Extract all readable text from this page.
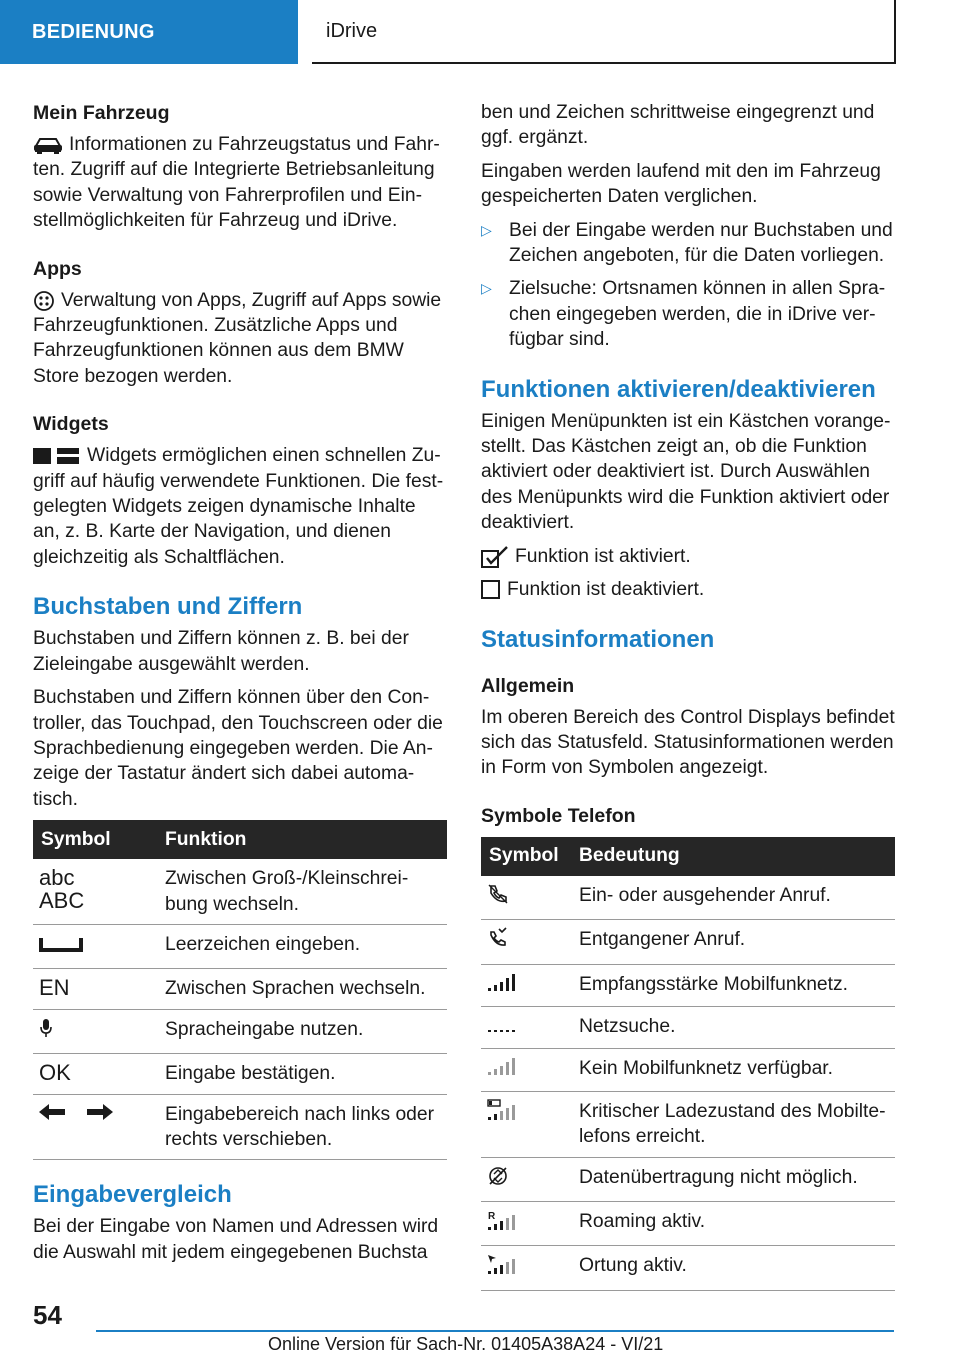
BEDIENUNG	iDrive
Mein Fahrzeug

Informationen zu Fahrzeugstatus und Fahrten. Zugriff auf die Integrierte Betriebsanleitung sowie Verwaltung von Fahrerprofilen und Einstellmöglichkeiten für Fahrzeug und iDrive.

Apps

Verwaltung von Apps, Zugriff auf Apps sowie Fahrzeugfunktionen. Zusätzliche Apps und Fahrzeugfunktionen können aus dem BMW Store bezogen werden.

Widgets

Widgets ermöglichen einen schnellen Zugriff auf häufig verwendete Funktionen. Die festgelegten Widgets zeigen dynamische Inhalte an, z. B. Karte der Navigation, und dienen gleichzeitig als Schaltflächen.

Buchstaben und Ziffern

Buchstaben und Ziffern können z. B. bei der Zieleingabe ausgewählt werden.

Buchstaben und Ziffern können über den Controller, das Touchpad, den Touchscreen oder die Sprachbedienung eingegeben werden. Die Anzeige der Tastatur ändert sich dabei automatisch.

Symbol	Funktion

abc
ABC	Zwischen Groß-/Kleinschreibung wechseln.
	Leerzeichen eingeben.

EN	Zwischen Sprachen wechseln.
	Spracheingabe nutzen.

OK	Eingabe bestätigen.
	Eingabebereich nach links oder rechts verschieben.
Eingabevergleich

Bei der Eingabe von Namen und Adressen wird die Auswahl mit jedem eingegebenen Buchsta

ben und Zeichen schrittweise eingegrenzt und ggf. ergänzt.

Eingaben werden laufend mit den im Fahrzeug gespeicherten Daten verglichen.

▷ Bei der Eingabe werden nur Buchstaben und Zeichen angeboten, für die Daten vorliegen.
▷ Zielsuche: Ortsnamen können in allen Sprachen eingegeben werden, die in iDrive verfügbar sind.
Funktionen aktivieren/deaktivieren

Einigen Menüpunkten ist ein Kästchen vorangestellt. Das Kästchen zeigt an, ob die Funktion aktiviert oder deaktiviert ist. Durch Auswählen des Menüpunkts wird die Funktion aktiviert oder deaktiviert.

Funktion ist aktiviert.

Funktion ist deaktiviert.

Statusinformationen
Allgemein

Im oberen Bereich des Control Displays befindet sich das Statusfeld. Statusinformationen werden in Form von Symbolen angezeigt.

Symbole Telefon
Symbol	Bedeutung
	Ein- oder ausgehender Anruf.
	Entgangener Anruf.
	Empfangsstärke Mobilfunknetz.
	Netzsuche.
	Kein Mobilfunknetz verfügbar.
	Kritischer Ladezustand des Mobiltelefons erreicht.
	Datenübertragung nicht möglich.

R	Roaming aktiv.
	Ortung aktiv.
54
Online Version für Sach-Nr. 01405A38A24 - VI/21
